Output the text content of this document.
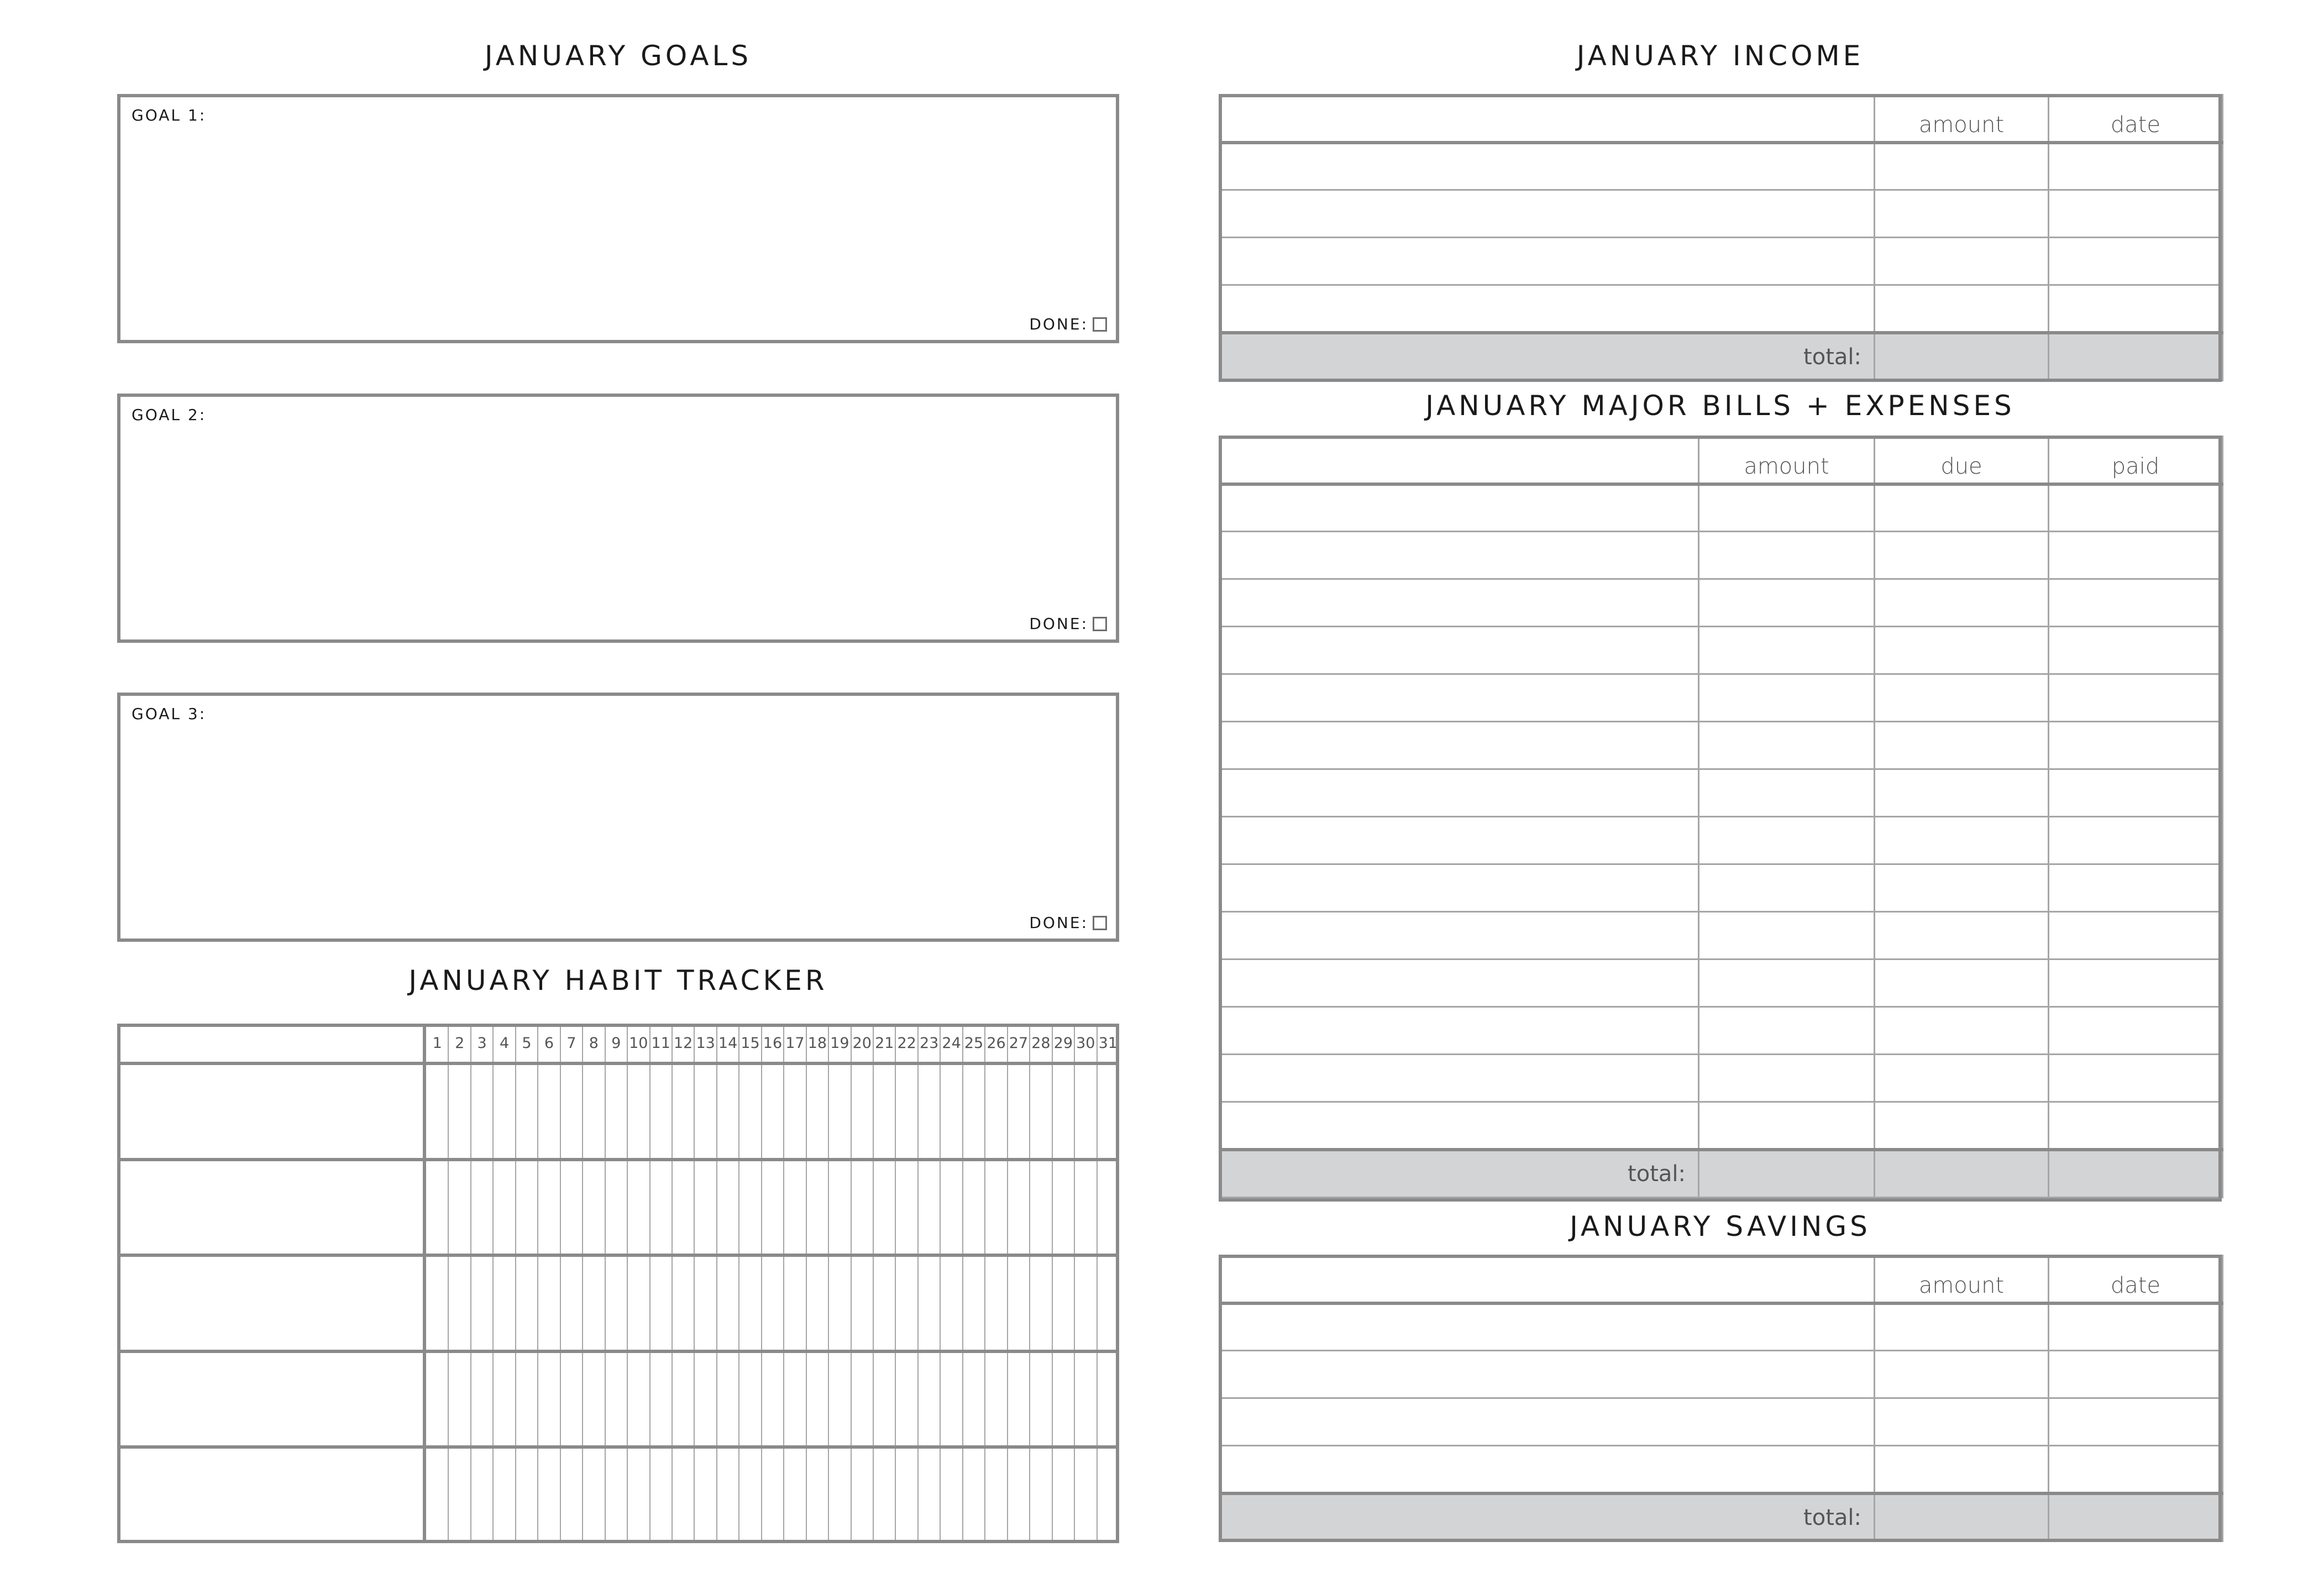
JANUARY GOALS
GOAL 1:
DONE:
GOAL 2:
DONE:
GOAL 3:
DONE:
JANUARY HABIT TRACKER
1 2 3 4 5 6 7 8 9 10 11 12 13 14 15 16 17 18 19 20 21 22 23 24 25 26 27 28 29 30 31
JANUARY INCOME
	amount	date

total:		
JANUARY MAJOR BILLS + EXPENSES
	amount	due	paid

total:			
JANUARY SAVINGS
	amount	date

total:		
